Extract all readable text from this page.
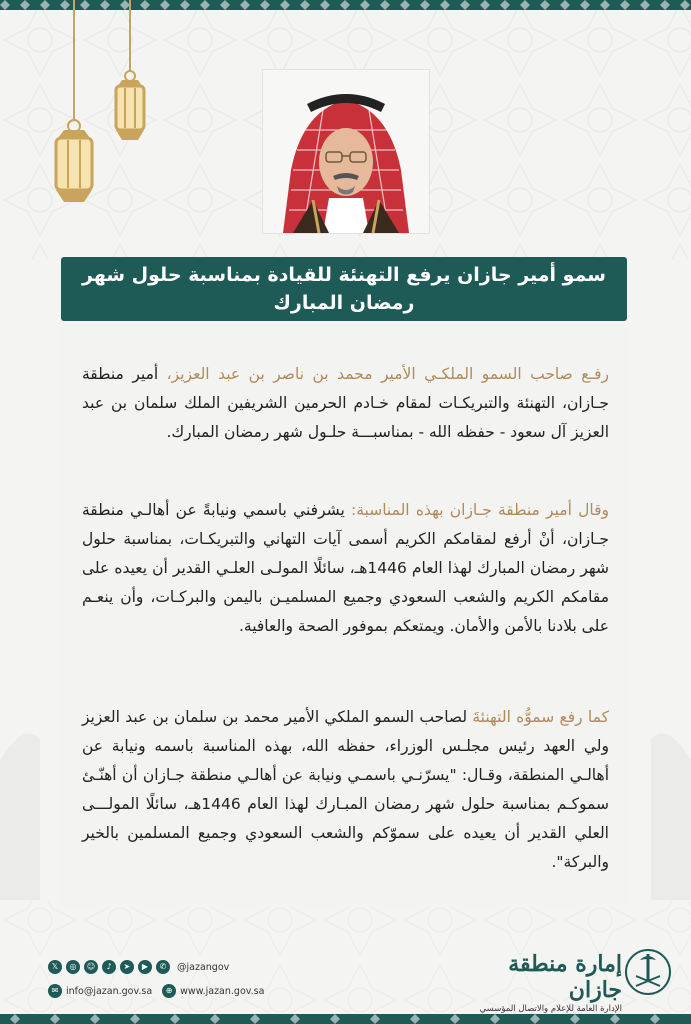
سمو أمير جازان يرفع التهنئة للقيادة بمناسبة حلول شهر رمضان المبارك
رفـع صاحب السمو الملكـي الأمير محمد بن ناصر بن عبد العزيز، أمير منطقة جـازان، التهنئة والتبريكـات لمقام خـادم الحرمين الشريفين الملك سلمان بن عبد العزيز آل سعود - حفظه الله - بمناسبـــة حلـول شهر رمضان المبارك.
وقال أمير منطقة جـازان بهذه المناسبة: يشرفني باسمي ونيابةً عن أهالـي منطقة جـازان، أنْ أرفع لمقامكم الكريم أسمى آيات التهاني والتبريكـات، بمناسبة حلول شهر رمضان المبارك لهذا العام 1446هـ، سائلًا المولـى العلـي القدير أن يعيده على مقامكم الكريم والشعب السعودي وجميع المسلميـن باليمن والبركـات، وأن ينعـم على بلادنا بالأمن والأمان. ويمتعكم بموفور الصحة والعافية.
كما رفع سموُّه التهنئةَ لصاحب السمو الملكي الأمير محمد بن سلمان بن عبد العزيز ولي العهد رئيس مجلـس الوزراء، حفظه الله، بهذه المناسبة باسمه ونيابة عن أهالـي المنطقة، وقـال: "يسرّنـي باسمـي ونيابة عن أهالـي منطقة جـازان أن أهنّـئ سموكـم بمناسبة حلول شهر رمضان المبـارك لهذا العام 1446هـ، سائلًا المولـــى العلي القدير أن يعيده على سموّكم والشعب السعودي وجميع المسلمين بالخير والبركة".
إمارة منطقة جازان
الإدارة العامة للإعلام والاتصال المؤسسي
𝕏	◎	☺	♪	➤	▶	✆	@jazangov
✉ info@jazan.gov.sa	⊕ www.jazan.gov.sa
